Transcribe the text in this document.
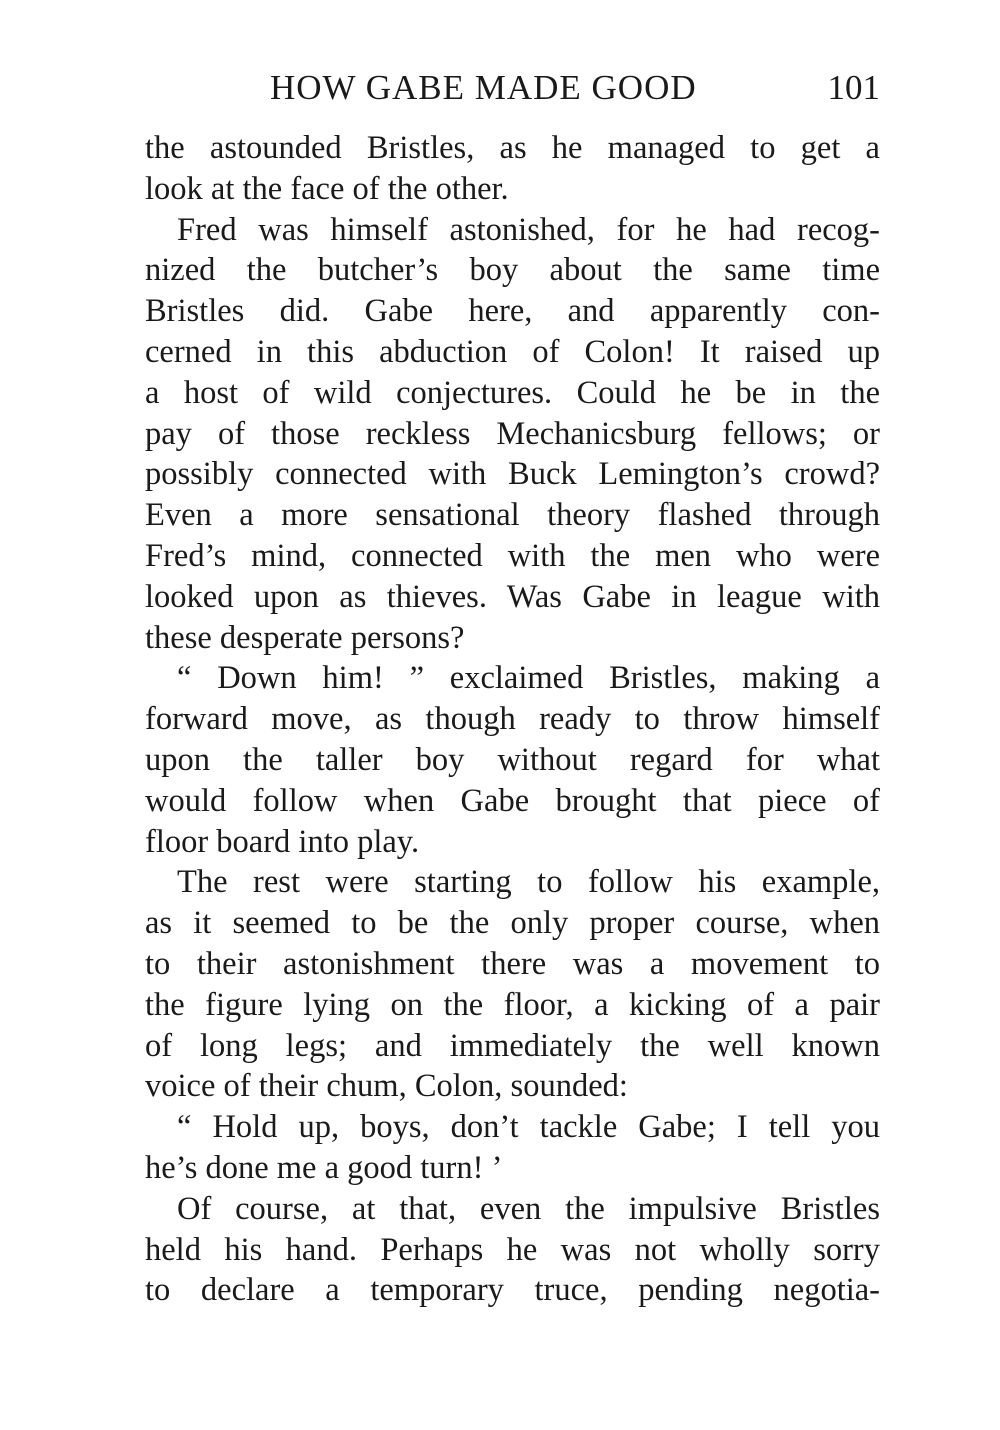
HOW GABE MADE GOOD	101
the astounded Bristles, as he managed to get a
look at the face of the other.
Fred was himself astonished, for he had recog-
nized the butcher’s boy about the same time
Bristles did. Gabe here, and apparently con-
cerned in this abduction of Colon! It raised up
a host of wild conjectures. Could he be in the
pay of those reckless Mechanicsburg fellows; or
possibly connected with Buck Lemington’s crowd?
Even a more sensational theory flashed through
Fred’s mind, connected with the men who were
looked upon as thieves. Was Gabe in league with
these desperate persons?
“ Down him! ” exclaimed Bristles, making a
forward move, as though ready to throw himself
upon the taller boy without regard for what
would follow when Gabe brought that piece of
floor board into play.
The rest were starting to follow his example,
as it seemed to be the only proper course, when
to their astonishment there was a movement to
the figure lying on the floor, a kicking of a pair
of long legs; and immediately the well known
voice of their chum, Colon, sounded:
“ Hold up, boys, don’t tackle Gabe; I tell you
he’s done me a good turn! ’
Of course, at that, even the impulsive Bristles
held his hand. Perhaps he was not wholly sorry
to declare a temporary truce, pending negotia-
